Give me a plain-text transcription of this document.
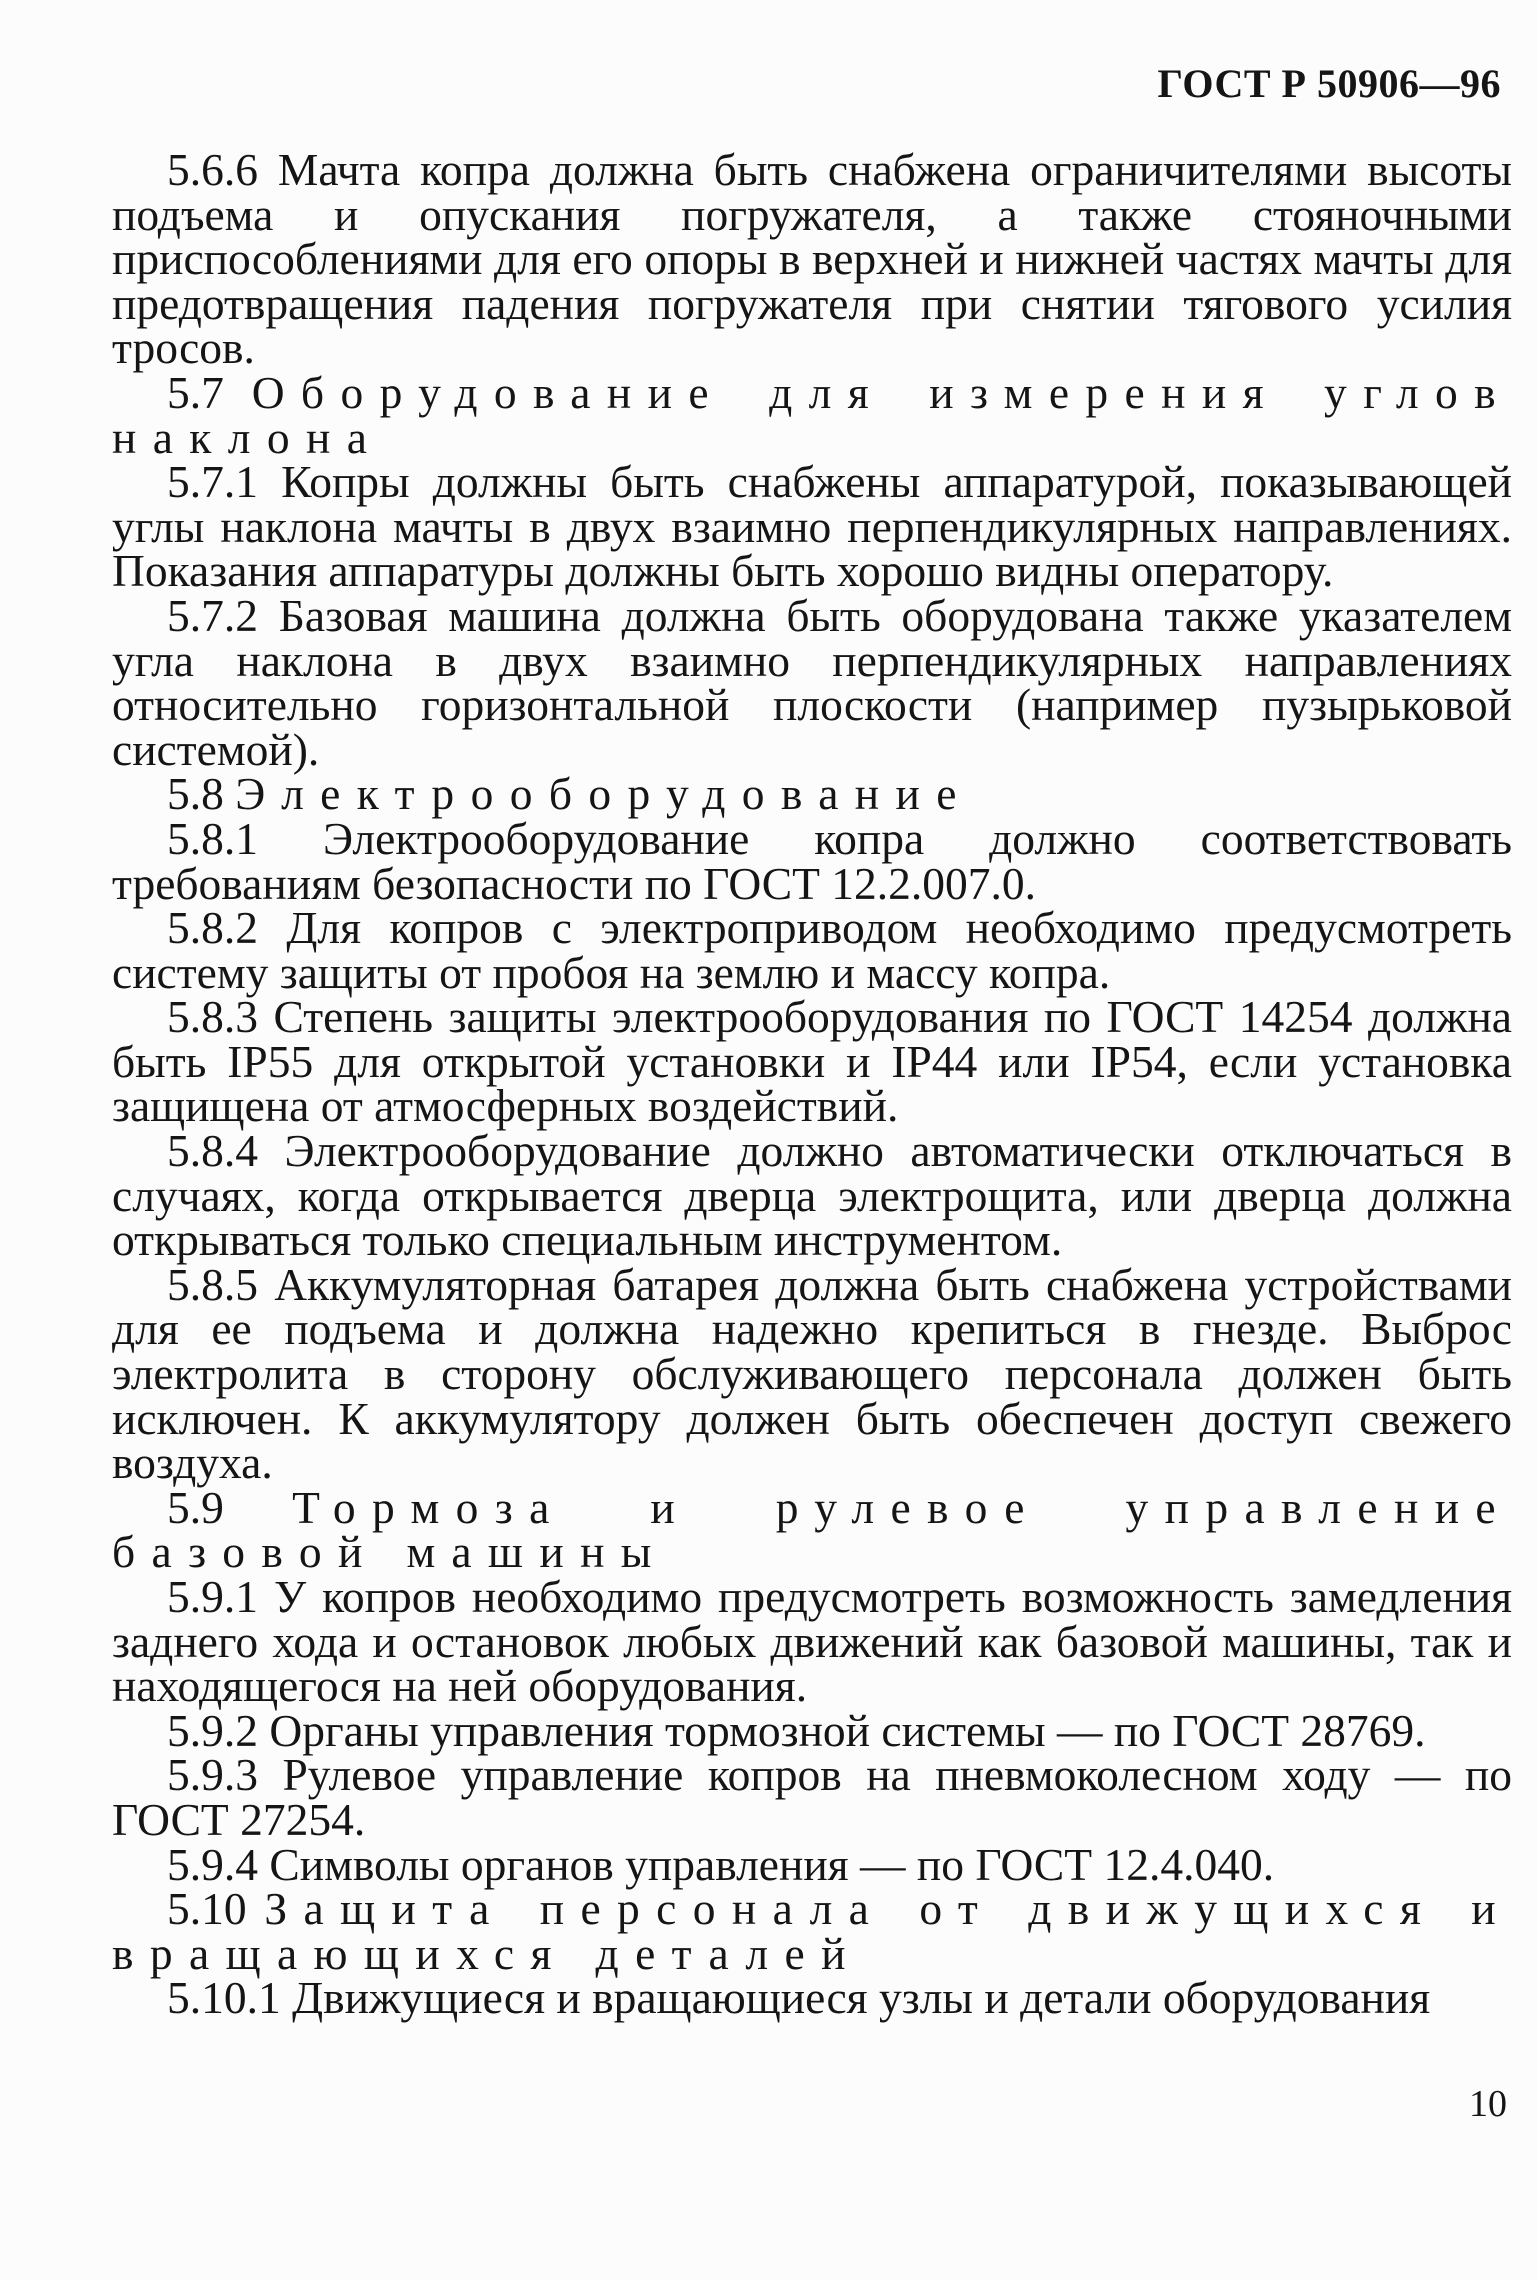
ГОСТ Р 50906—96

5.6.6 Мачта копра должна быть снабжена ограничителями высоты подъема и опускания погружателя, а также стояночными приспособлениями для его опоры в верхней и нижней частях мачты для предотвращения падения погружателя при снятии тягового усилия тросов.

5.7 Оборудование для измерения углов наклона

5.7.1 Копры должны быть снабжены аппаратурой, показывающей углы наклона мачты в двух взаимно перпендикулярных направлениях. Показания аппаратуры должны быть хорошо видны оператору.

5.7.2 Базовая машина должна быть оборудована также указателем угла наклона в двух взаимно перпендикулярных направлениях относительно горизонтальной плоскости (например пузырьковой системой).

5.8 Электрооборудование

5.8.1 Электрооборудование копра должно соответствовать требованиям безопасности по ГОСТ 12.2.007.0.

5.8.2 Для копров с электроприводом необходимо предусмотреть систему защиты от пробоя на землю и массу копра.

5.8.3 Степень защиты электрооборудования по ГОСТ 14254 должна быть IP55 для открытой установки и IP44 или IP54, если установка защищена от атмосферных воздействий.

5.8.4 Электрооборудование должно автоматически отключаться в случаях, когда открывается дверца электрощита, или дверца должна открываться только специальным инструментом.

5.8.5 Аккумуляторная батарея должна быть снабжена устройствами для ее подъема и должна надежно крепиться в гнезде. Выброс электролита в сторону обслуживающего персонала должен быть исключен. К аккумулятору должен быть обеспечен доступ свежего воздуха.

5.9 Тормоза и рулевое управление базовой машины

5.9.1 У копров необходимо предусмотреть возможность замедления заднего хода и остановок любых движений как базовой машины, так и находящегося на ней оборудования.

5.9.2 Органы управления тормозной системы — по ГОСТ 28769.

5.9.3 Рулевое управление копров на пневмоколесном ходу — по ГОСТ 27254.

5.9.4 Символы органов управления — по ГОСТ 12.4.040.

5.10 Защита персонала от движущихся и вращающихся деталей

5.10.1 Движущиеся и вращающиеся узлы и детали оборудования

10
